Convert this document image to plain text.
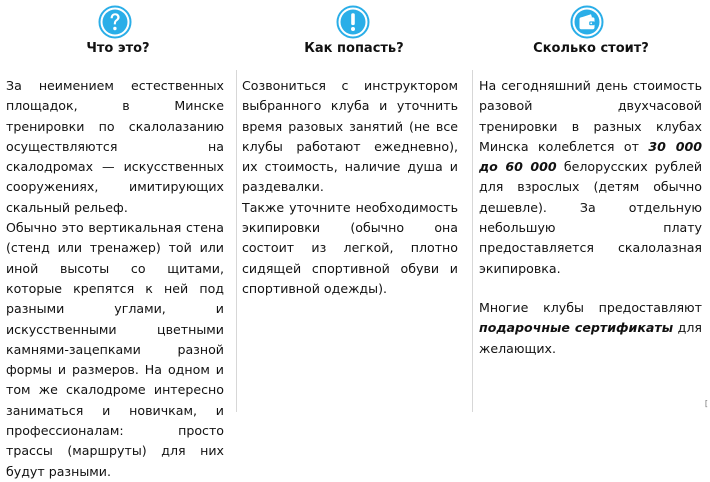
Что это?	Как попасть?	Сколько стоит?

За неимением естественных площадок, в Минске тренировки по скалолазанию осуществляются на скалодромах — искусственных сооружениях, имитирующих скальный рельеф.

Обычно это вертикальная стена (стенд или тренажер) той или иной высоты со щитами, которые крепятся к ней под разными углами, и искусственными цветными камнями-зацепками разной формы и размеров. На одном и том же скалодроме интересно заниматься и новичкам, и профессионалам: просто трассы (маршруты) для них будут разными.

Созвониться с инструктором выбранного клуба и уточнить время разовых занятий (не все клубы работают ежедневно), их стоимость, наличие душа и раздевалки.

Также уточните необходимость экипировки (обычно она состоит из легкой, плотно сидящей спортивной обуви и спортивной одежды).

На сегодняшний день стоимость разовой двухчасовой тренировки в разных клубах Минска колеблется от 30 000 до 60 000 белорусских рублей для взрослых (детям обычно дешевле). За отдельную небольшую плату предоставляется скалолазная экипировка.

Многие клубы предоставляют подарочные сертификаты для желающих.

[
